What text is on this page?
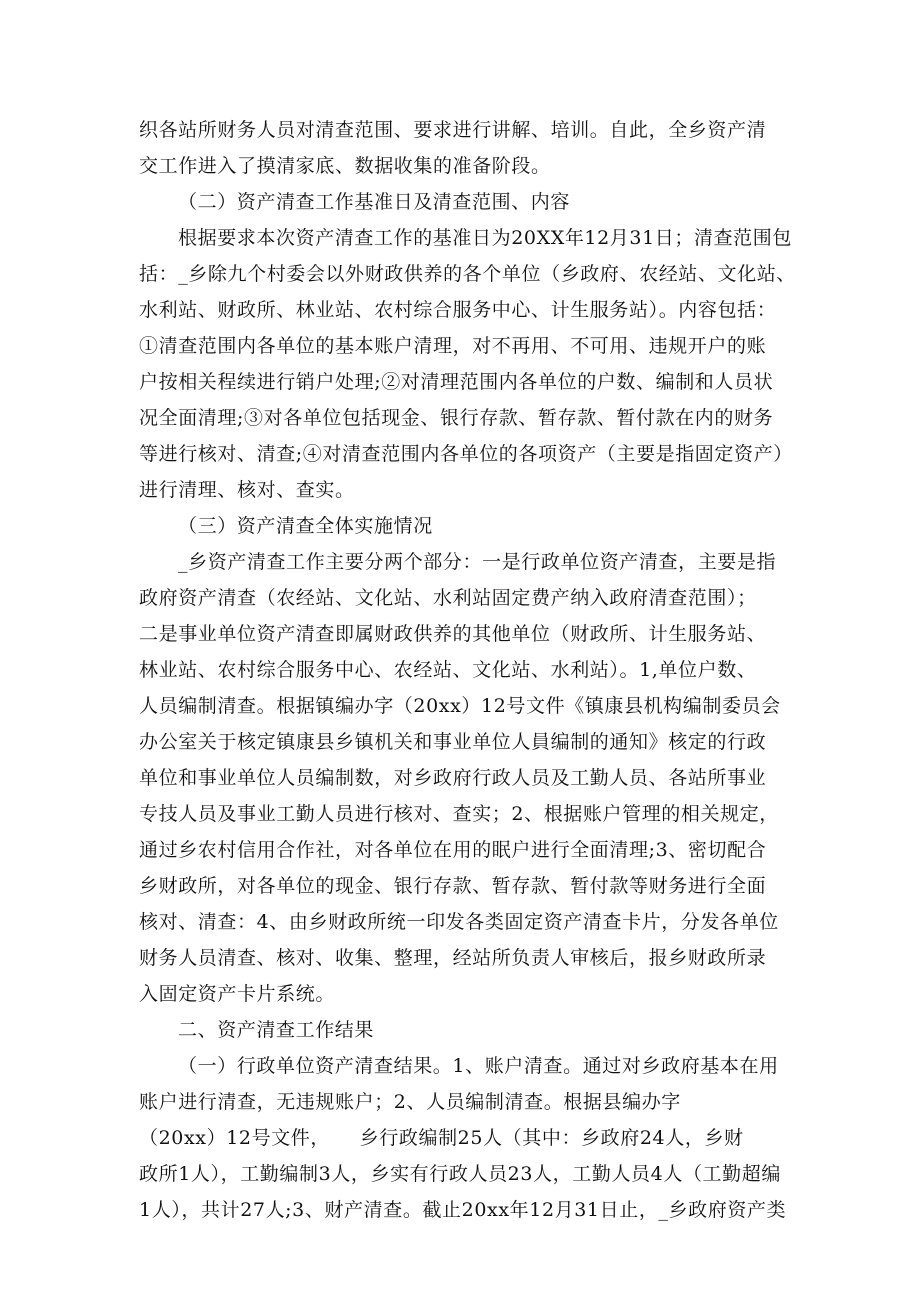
织各站所财务人员对清查范围、要求进行讲解、培训。自此，全乡资产清
交工作进入了摸清家底、数据收集的准备阶段。
（二）资产清查工作基准日及清查范围、内容
根据要求本次资产清查工作的基准日为20XX年12月31日；清查范围包
括：_乡除九个村委会以外财政供养的各个单位（乡政府、农经站、文化站、
水利站、财政所、林业站、农村综合服务中心、计生服务站）。内容包括：
①清查范围内各单位的基本账户清理，对不再用、不可用、违规开户的账
户按相关程续进行销户处理;②对清理范围内各单位的户数、编制和人员状
况全面清理;③对各单位包括现金、银行存款、暂存款、暂付款在内的财务
等进行核对、清查;④对清查范围内各单位的各项资产（主要是指固定资产）
进行清理、核对、查实。
（三）资产清查全体实施情况
_乡资产清查工作主要分两个部分：一是行政单位资产清查，主要是指
政府资产清查（农经站、文化站、水利站固定费产纳入政府清查范围）；
二是事业单位资产清查即属财政供养的其他单位（财政所、计生服务站、
林业站、农村综合服务中心、农经站、文化站、水利站）。1,单位户数、
人员编制清查。根据镇编办字（20xx）12号文件《镇康县机构编制委员会
办公室关于核定镇康县乡镇机关和事业单位人員编制的通知》核定的行政
单位和事业单位人员编制数，对乡政府行政人员及工勤人员、各站所事业
专技人员及事业工勤人员进行核对、查实；2、根据账户管理的相关规定，
通过乡农村信用合作社，对各单位在用的眠户进行全面清理;3、密切配合
乡财政所，对各单位的现金、银行存款、暂存款、暂付款等财务进行全面
核对、清查：4、由乡财政所统一印发各类固定资产清查卡片，分发各单位
财务人员清查、核对、收集、整理，经站所负责人审核后，报乡财政所录
入固定资产卡片系统。
二、资产清查工作结果
（一）行政单位资产清查结果。1、账户清查。通过对乡政府基本在用
账户进行清查，无违规账户；2、人员编制清查。根据县编办字
（20xx）12号文件，　　乡行政编制25人（其中：乡政府24人，乡财
政所1人），工勤编制3人，乡实有行政人员23人，工勤人员4人（工勤超编
1人），共计27人;3、财产清查。截止20xx年12月31日止，_乡政府资产类
